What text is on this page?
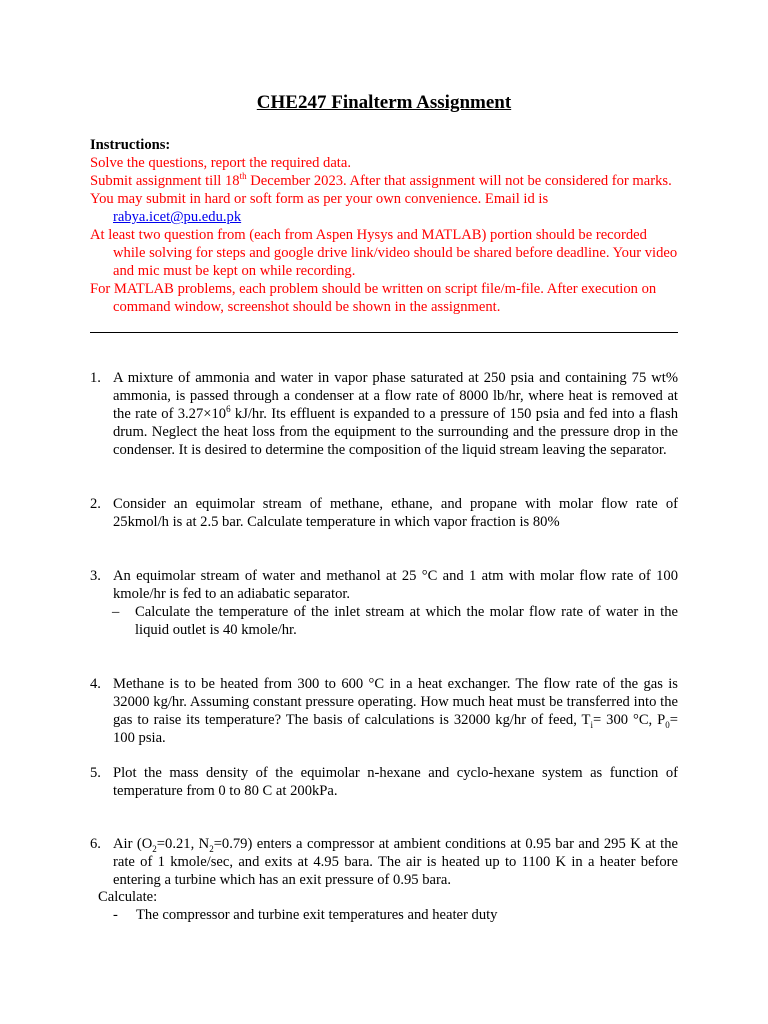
CHE247 Finalterm Assignment
Instructions:
Solve the questions, report the required data.
Submit assignment till 18th December 2023. After that assignment will not be considered for marks.
You may submit in hard or soft form as per your own convenience. Email id is
rabya.icet@pu.edu.pk
At least two question from (each from Aspen Hysys and MATLAB) portion should be recorded while solving for steps and google drive link/video should be shared before deadline. Your video and mic must be kept on while recording.
For MATLAB problems, each problem should be written on script file/m-file. After execution on command window, screenshot should be shown in the assignment.
1. A mixture of ammonia and water in vapor phase saturated at 250 psia and containing 75 wt% ammonia, is passed through a condenser at a flow rate of 8000 lb/hr, where heat is removed at the rate of $3.27\times 10^6$ kJ/hr. Its effluent is expanded to a pressure of 150 psia and fed into a flash drum. Neglect the heat loss from the equipment to the surrounding and the pressure drop in the condenser. It is desired to determine the composition of the liquid stream leaving the separator.
2. Consider an equimolar stream of methane, ethane, and propane with molar flow rate of 25kmol/h is at 2.5 bar. Calculate temperature in which vapor fraction is 80%
3. An equimolar stream of water and methanol at 25 °C and 1 atm with molar flow rate of 100 kmole/hr is fed to an adiabatic separator.
– Calculate the temperature of the inlet stream at which the molar flow rate of water in the liquid outlet is 40 kmole/hr.
4. Methane is to be heated from 300 to 600 °C in a heat exchanger. The flow rate of the gas is 32000 kg/hr. Assuming constant pressure operating. How much heat must be transferred into the gas to raise its temperature? The basis of calculations is 32000 kg/hr of feed, $T_i= 300$ °C, $P_0= 100$ psia.
5. Plot the mass density of the equimolar n-hexane and cyclo-hexane system as function of temperature from 0 to 80 C at 200kPa.
6. Air ($O_2=0.21$, $N_2=0.79$) enters a compressor at ambient conditions at 0.95 bar and 295 K at the rate of 1 kmole/sec, and exits at 4.95 bara. The air is heated up to 1100 K in a heater before entering a turbine which has an exit pressure of 0.95 bara.
Calculate:
- The compressor and turbine exit temperatures and heater duty
